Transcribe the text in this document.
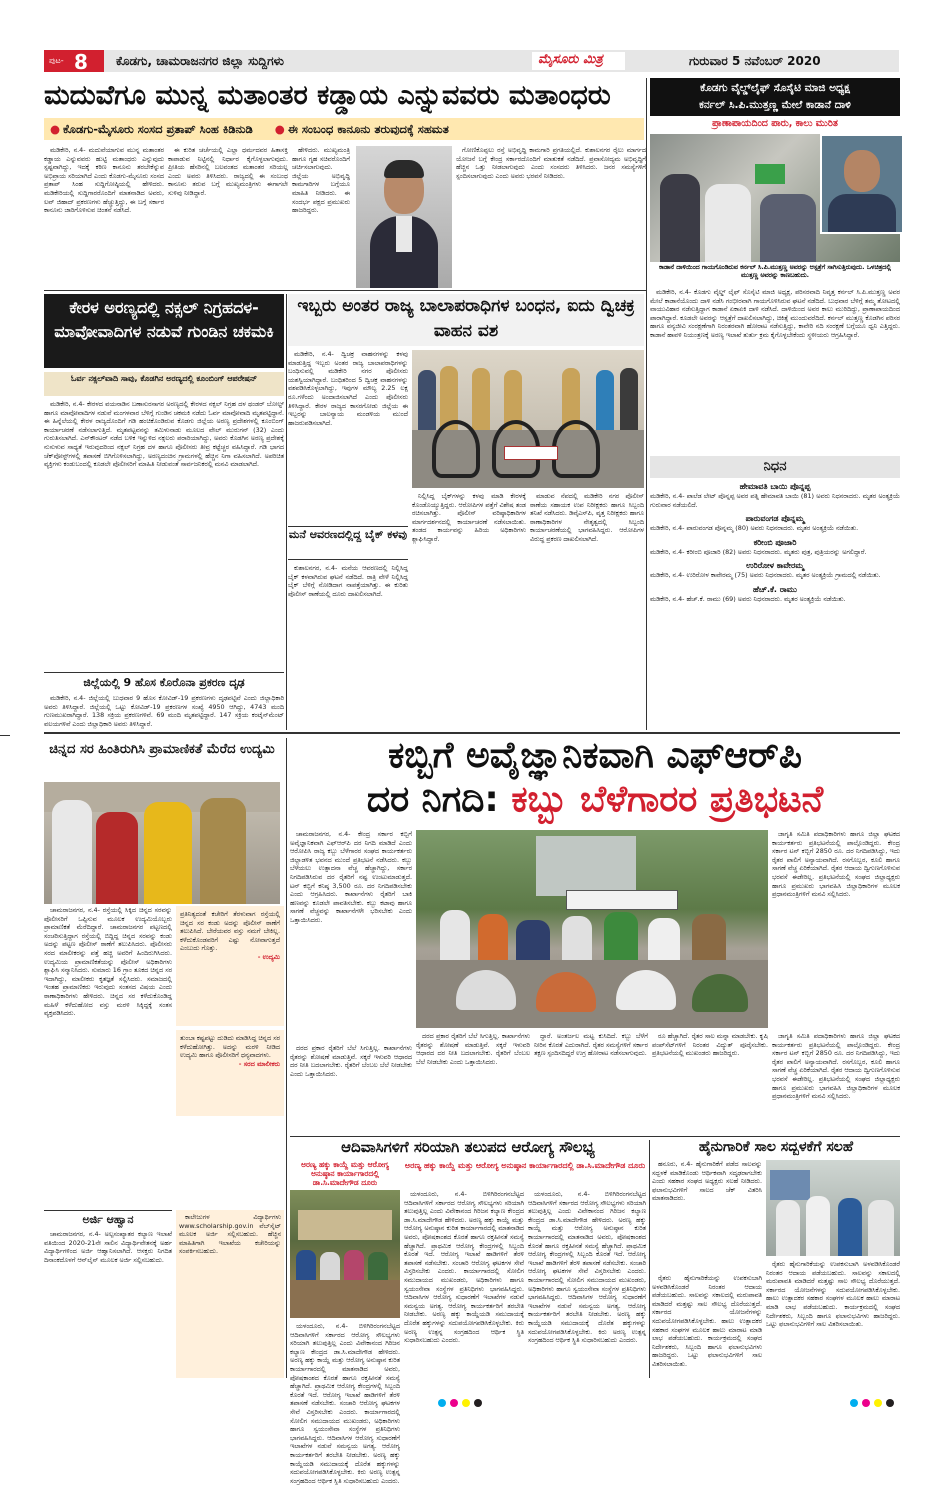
ಪುಟ- 8 ಕೊಡಗು, ಚಾಮರಾಜನಗರ ಜಿಲ್ಲಾ ಸುದ್ದಿಗಳು	ಮೈಸೂರು ಮಿತ್ರ	ಗುರುವಾರ 5 ನವೆಂಬರ್ 2020
ಮದುವೆಗೂ ಮುನ್ನ ಮತಾಂತರ ಕಡ್ಡಾಯ ಎನ್ನುವವರು ಮತಾಂಧರು
● ಕೊಡಗು-ಮೈಸೂರು ಸಂಸದ ಪ್ರತಾಪ್ ಸಿಂಹ ಕಿಡಿನುಡಿ  ●	ಈ ಸಂಬಂಧ ಕಾನೂನು ತರುವುದಕ್ಕೆ ಸಹಮತ

ಮಡಿಕೇರಿ, ನ.4- ಮದುವೆಯಾಗುವ ಮುನ್ನ ಮತಾಂತರ ಕಡ್ಡಾಯ ಎನ್ನುವವರು ಹುಟ್ಟಿ ಮತಾಂಧರು ಎನ್ನುವುದು ಸ್ಪಷ್ಟವಾಗಿದ್ದು, ಇದಕ್ಕೆ ಕಠಿಣ ಕಾನೂನು ತರಬೇಕೆನ್ನುವ ಅಭಿಪ್ರಾಯ ಸರಿಯಾಗಿದೆ ಎಂದು ಕೊಡಗು-ಮೈಸೂರು ಸಂಸದ ಪ್ರತಾಪ್ ಸಿಂಹ ಸುದ್ದಿಗೋಷ್ಠಿಯಲ್ಲಿ ಹೇಳಿದರು. ಮಡಿಕೇರಿಯಲ್ಲಿ ಸುದ್ದಿಗಾರರೊಂದಿಗೆ ಮಾತನಾಡಿದ ಅವರು, ಲವ್ ಜಿಹಾದ್ ಪ್ರಕರಣಗಳು ಹೆಚ್ಚುತ್ತಿದ್ದು, ಈ ಬಗ್ಗೆ ಸರ್ಕಾರ ಕಾನೂನು ಜಾರಿಗೊಳಿಸುವ ಚಿಂತನೆ ನಡೆಸಿದೆ.

ಈ ಕುರಿತ ಚರ್ಚೆಯಲ್ಲಿ ಎಲ್ಲಾ ಧರ್ಮದವರ ಹಿತಾಸಕ್ತಿ ಕಾಪಾಡುವ ನಿಟ್ಟಿನಲ್ಲಿ ನಿರ್ಧಾರ ಕೈಗೊಳ್ಳಲಾಗುವುದು. ಪ್ರೀತಿಯ ಹೆಸರಿನಲ್ಲಿ ಬಲವಂತದ ಮತಾಂತರ ಸರಿಯಲ್ಲ ಎಂದು ಅವರು ತಿಳಿಸಿದರು. ರಾಜ್ಯದಲ್ಲಿ ಈ ಸಂಬಂಧ ಕಾನೂನು ತರುವ ಬಗ್ಗೆ ಮುಖ್ಯಮಂತ್ರಿಗಳು ಈಗಾಗಲೇ ಸುಳಿವು ನೀಡಿದ್ದಾರೆ.

ಹೇಳಿದರು. ಮುಖ್ಯಮಂತ್ರಿ ಹಾಗೂ ಗೃಹ ಸಚಿವರೊಂದಿಗೆ ಚರ್ಚಿಸಲಾಗುವುದು. ಜಿಲ್ಲೆಯ ಅಭಿವೃದ್ಧಿ ಕಾಮಗಾರಿಗಳ ಬಗ್ಗೆಯೂ ಮಾಹಿತಿ ನೀಡಿದರು. ಈ ಸಂದರ್ಭ ಪಕ್ಷದ ಪ್ರಮುಖರು ಹಾಜರಿದ್ದರು.

ಗೋಣಿಕೊಪ್ಪಲು ರಸ್ತೆ ಅಭಿವೃದ್ಧಿ ಕಾಮಗಾರಿ ಪ್ರಗತಿಯಲ್ಲಿದೆ. ಕುಶಾಲನಗರ ರೈಲು ಮಾರ್ಗದ ಯೋಜನೆ ಬಗ್ಗೆ ಕೇಂದ್ರ ಸರ್ಕಾರದೊಂದಿಗೆ ಮಾತುಕತೆ ನಡೆದಿದೆ. ಪ್ರವಾಸೋದ್ಯಮ ಅಭಿವೃದ್ಧಿಗೆ ಹೆಚ್ಚಿನ ಒತ್ತು ನೀಡಲಾಗುವುದು ಎಂದು ಸಂಸದರು ತಿಳಿಸಿದರು. ಜನರ ಸಮಸ್ಯೆಗಳಿಗೆ ಸ್ಪಂದಿಸಲಾಗುವುದು ಎಂದು ಅವರು ಭರವಸೆ ನೀಡಿದರು.

ಕೊಡಗು ವೈಲ್ಡ್‌ಲೈಫ್ ಸೊಸೈಟಿ ಮಾಜಿ ಅಧ್ಯಕ್ಷ
ಕರ್ನಲ್ ಸಿ.ಪಿ.ಮುತ್ತಣ್ಣ ಮೇಲೆ ಕಾಡಾನೆ ದಾಳಿ
ಪ್ರಾಣಾಪಾಯದಿಂದ ಪಾರು, ಕಾಲು ಮುರಿತ
ಕಾಡಾನೆ ದಾಳಿಯಿಂದ ಗಾಯಗೊಂಡಿರುವ ಕರ್ನಲ್ ಸಿ.ಪಿ.ಮುತ್ತಣ್ಣ ಅವರನ್ನು ಆಸ್ಪತ್ರೆಗೆ ಸಾಗಿಸುತ್ತಿರುವುದು. ಒಳಚಿತ್ರದಲ್ಲಿ ಮುತ್ತಣ್ಣ ಅವರನ್ನು ಕಾಣಬಹುದು.

ಮಡಿಕೇರಿ, ನ.4- ಕೊಡಗು ವೈಲ್ಡ್ ಲೈಫ್ ಸೊಸೈಟಿ ಮಾಜಿ ಅಧ್ಯಕ್ಷ, ಪರಿಸರವಾದಿ ನಿವೃತ್ತ ಕರ್ನಲ್ ಸಿ.ಪಿ.ಮುತ್ತಣ್ಣ ಅವರ ಮೇಲೆ ಕಾಡಾನೆಯೊಂದು ದಾಳಿ ನಡೆಸಿ ಗಂಭೀರವಾಗಿ ಗಾಯಗೊಳಿಸಿರುವ ಘಟನೆ ನಡೆದಿದೆ. ಬುಧವಾರ ಬೆಳಿಗ್ಗೆ ತಮ್ಮ ತೋಟದಲ್ಲಿ ವಾಯುವಿಹಾರ ನಡೆಸುತ್ತಿದ್ದಾಗ ಕಾಡಾನೆ ಏಕಾಏಕಿ ದಾಳಿ ನಡೆಸಿದೆ. ದಾಳಿಯಿಂದ ಅವರ ಕಾಲು ಮುರಿದಿದ್ದು, ಪ್ರಾಣಾಪಾಯದಿಂದ ಪಾರಾಗಿದ್ದಾರೆ. ಕೂಡಲೇ ಅವರನ್ನು ಆಸ್ಪತ್ರೆಗೆ ದಾಖಲಿಸಲಾಗಿದ್ದು, ಚಿಕಿತ್ಸೆ ಮುಂದುವರೆದಿದೆ. ಕರ್ನಲ್ ಮುತ್ತಣ್ಣ ಕೊಡಗಿನ ಪರಿಸರ ಹಾಗೂ ವನ್ಯಜೀವಿ ಸಂರಕ್ಷಣೆಗಾಗಿ ನಿರಂತರವಾಗಿ ಹೋರಾಟ ನಡೆಸುತ್ತಿದ್ದು, ಕಾವೇರಿ ನದಿ ಸಂರಕ್ಷಣೆ ಬಗ್ಗೆಯೂ ಧ್ವನಿ ಎತ್ತಿದ್ದರು. ಕಾಡಾನೆ ಹಾವಳಿ ನಿಯಂತ್ರಣಕ್ಕೆ ಅರಣ್ಯ ಇಲಾಖೆ ತುರ್ತು ಕ್ರಮ ಕೈಗೊಳ್ಳಬೇಕೆಂದು ಸ್ಥಳೀಯರು ಆಗ್ರಹಿಸಿದ್ದಾರೆ.

ಕೇರಳ ಅರಣ್ಯದಲ್ಲಿ ನಕ್ಸಲ್ ನಿಗ್ರಹದಳ-ಮಾವೋವಾದಿಗಳ ನಡುವೆ ಗುಂಡಿನ ಚಕಮಕಿ
ಓರ್ವ ನಕ್ಸಲ್‌ವಾದಿ ಸಾವು, ಕೊಡಗಿನ ಅರಣ್ಯದಲ್ಲಿ ಕೂಂಬಿಂಗ್ ಆಪರೇಷನ್

ಮಡಿಕೇರಿ, ನ.4- ಕೇರಳದ ವಯನಾಡಿನ ಬಣಾಸುರಸಾಗರ ಅರಣ್ಯದಲ್ಲಿ ಕೇರಳದ ನಕ್ಸಲ್ ನಿಗ್ರಹ ದಳ ಥಂಡರ್ ಬೋಲ್ಟ್ ಹಾಗೂ ಮಾವೋವಾದಿಗಳ ನಡುವೆ ಮಂಗಳವಾರ ಬೆಳಿಗ್ಗೆ ಗುಂಡಿನ ಚಕಮಕಿ ನಡೆದು ಓರ್ವ ಮಾವೋವಾದಿ ಮೃತಪಟ್ಟಿದ್ದಾನೆ. ಈ ಹಿನ್ನೆಲೆಯಲ್ಲಿ ಕೇರಳ ರಾಜ್ಯದೊಂದಿಗೆ ಗಡಿ ಹಂಚಿಕೊಂಡಿರುವ ಕೊಡಗು ಜಿಲ್ಲೆಯ ಅರಣ್ಯ ಪ್ರದೇಶಗಳಲ್ಲಿ ಕೂಂಬಿಂಗ್ ಕಾರ್ಯಾಚರಣೆ ನಡೆಸಲಾಗುತ್ತಿದೆ. ಮೃತಪಟ್ಟವನನ್ನು ತಮಿಳುನಾಡು ಮೂಲದ ವೇಲ್ ಮುರುಗನ್ (32) ಎಂದು ಗುರುತಿಸಲಾಗಿದೆ. ಎನ್‌ಕೌಂಟರ್ ನಡೆದ ಬಳಿಕ ಇನ್ನುಳಿದ ನಕ್ಸಲರು ಪರಾರಿಯಾಗಿದ್ದು, ಅವರು ಕೊಡಗಿನ ಅರಣ್ಯ ಪ್ರದೇಶಕ್ಕೆ ನುಸುಳುವ ಸಾಧ್ಯತೆ ಇರುವುದರಿಂದ ನಕ್ಸಲ್ ನಿಗ್ರಹ ದಳ ಹಾಗೂ ಪೊಲೀಸರು ತೀವ್ರ ಕಟ್ಟೆಚ್ಚರ ವಹಿಸಿದ್ದಾರೆ. ಗಡಿ ಭಾಗದ ಚೆಕ್‌ಪೋಸ್ಟ್‌ಗಳಲ್ಲಿ ತಪಾಸಣೆ ಬಿಗಿಗೊಳಿಸಲಾಗಿದ್ದು, ಅರಣ್ಯದಂಚಿನ ಗ್ರಾಮಗಳಲ್ಲಿ ಹೆಚ್ಚಿನ ನಿಗಾ ವಹಿಸಲಾಗಿದೆ. ಅಪರಿಚಿತ ವ್ಯಕ್ತಿಗಳು ಕಂಡುಬಂದಲ್ಲಿ ಕೂಡಲೇ ಪೊಲೀಸರಿಗೆ ಮಾಹಿತಿ ನೀಡುವಂತೆ ಸಾರ್ವಜನಿಕರಲ್ಲಿ ಮನವಿ ಮಾಡಲಾಗಿದೆ.

ಇಬ್ಬರು ಅಂತರ ರಾಜ್ಯ ಬಾಲಾಪರಾಧಿಗಳ ಬಂಧನ, ಐದು ದ್ವಿಚಕ್ರ ವಾಹನ ವಶ

ಮಡಿಕೇರಿ, ನ.4- ದ್ವಿಚಕ್ರ ವಾಹನಗಳನ್ನು ಕಳವು ಮಾಡುತ್ತಿದ್ದ ಇಬ್ಬರು ಅಂತರ ರಾಜ್ಯ ಬಾಲಾಪರಾಧಿಗಳನ್ನು ಬಂಧಿಸುವಲ್ಲಿ ಮಡಿಕೇರಿ ನಗರ ಪೊಲೀಸರು ಯಶಸ್ವಿಯಾಗಿದ್ದಾರೆ. ಬಂಧಿತರಿಂದ 5 ದ್ವಿಚಕ್ರ ವಾಹನಗಳನ್ನು ವಶಪಡಿಸಿಕೊಳ್ಳಲಾಗಿದ್ದು, ಇವುಗಳ ಮೌಲ್ಯ 2.25 ಲಕ್ಷ ರೂ.ಗಳೆಂದು ಅಂದಾಜಿಸಲಾಗಿದೆ ಎಂದು ಪೊಲೀಸರು ತಿಳಿಸಿದ್ದಾರೆ. ಕೇರಳ ರಾಜ್ಯದ ಕಾಸರಗೋಡು ಜಿಲ್ಲೆಯ ಈ ಇಬ್ಬರನ್ನು ಬಾಲನ್ಯಾಯ ಮಂಡಳಿಯ ಮುಂದೆ ಹಾಜರುಪಡಿಸಲಾಗಿದೆ.

ನಿಲ್ಲಿಸಿದ್ದ ಬೈಕ್‌ಗಳನ್ನು ಕಳವು ಮಾಡಿ ಕೇರಳಕ್ಕೆ ಕೊಂಡೊಯ್ಯುತ್ತಿದ್ದರು. ಆರೋಪಿಗಳ ಪತ್ತೆಗೆ ವಿಶೇಷ ತಂಡ ರಚಿಸಲಾಗಿತ್ತು. ಪೊಲೀಸ್ ವರಿಷ್ಠಾಧಿಕಾರಿಗಳ ಮಾರ್ಗದರ್ಶನದಲ್ಲಿ ಕಾರ್ಯಾಚರಣೆ ನಡೆಸಲಾಯಿತು. ತಂಡದ ಕಾರ್ಯವನ್ನು ಹಿರಿಯ ಅಧಿಕಾರಿಗಳು ಶ್ಲಾಘಿಸಿದ್ದಾರೆ.

ಮಾಡುವ ನೆಪದಲ್ಲಿ ಮಡಿಕೇರಿ ನಗರ ಪೊಲೀಸ್ ಠಾಣೆಯ ಸಹಾಯಕ ಉಪ ನಿರೀಕ್ಷಕರು ಹಾಗೂ ಸಿಬ್ಬಂದಿ ತನಿಖೆ ನಡೆಸಿದರು. ಡಿವೈಎಸ್‌ಪಿ, ವೃತ್ತ ನಿರೀಕ್ಷಕರು ಹಾಗೂ ಠಾಣಾಧಿಕಾರಿಗಳ ನೇತೃತ್ವದಲ್ಲಿ ಸಿಬ್ಬಂದಿ ಕಾರ್ಯಾಚರಣೆಯಲ್ಲಿ ಭಾಗವಹಿಸಿದ್ದರು. ಆರೋಪಿಗಳ ವಿರುದ್ಧ ಪ್ರಕರಣ ದಾಖಲಿಸಲಾಗಿದೆ.

ಮನೆ ಆವರಣದಲ್ಲಿದ್ದ ಬೈಕ್ ಕಳವು

ಕುಶಾಲನಗರ, ನ.4- ಮನೆಯ ಆವರಣದಲ್ಲಿ ನಿಲ್ಲಿಸಿದ್ದ ಬೈಕ್ ಕಳವಾಗಿರುವ ಘಟನೆ ನಡೆದಿದೆ. ರಾತ್ರಿ ವೇಳೆ ನಿಲ್ಲಿಸಿದ್ದ ಬೈಕ್ ಬೆಳಿಗ್ಗೆ ನೋಡಿದಾಗ ನಾಪತ್ತೆಯಾಗಿತ್ತು. ಈ ಕುರಿತು ಪೊಲೀಸ್ ಠಾಣೆಯಲ್ಲಿ ದೂರು ದಾಖಲಿಸಲಾಗಿದೆ.

ನಿಧನ
ಹೇಮಾವತಿ ಬಾಯಿ ಪೊನ್ನಪ್ಪ
ಮಡಿಕೇರಿ, ನ.4- ಪಾಲೆಡ ಲೇಟ್ ಪೊನ್ನಪ್ಪ ಅವರ ಪತ್ನಿ ಹೇಮಾವತಿ ಬಾಯಿ (81) ಅವರು ನಿಧನರಾದರು. ಮೃತರ ಅಂತ್ಯಕ್ರಿಯೆ ಗುರುವಾರ ನಡೆಯಲಿದೆ.
ಪಾರುವಂಗಡ ಪೊನ್ನಮ್ಮ
ಮಡಿಕೇರಿ, ನ.4- ಪಾರುವಂಗಡ ಪೊನ್ನಮ್ಮ (80) ಅವರು ನಿಧನರಾದರು. ಮೃತರ ಅಂತ್ಯಕ್ರಿಯೆ ನಡೆಯಿತು.
ಕರೀಂಬಿ ಪೂಜಾರಿ
ಮಡಿಕೇರಿ, ನ.4- ಕರೀಂಬಿ ಪೂಜಾರಿ (82) ಅವರು ನಿಧನರಾದರು. ಮೃತರು ಪುತ್ರ, ಪುತ್ರಿಯರನ್ನು ಅಗಲಿದ್ದಾರೆ.
ಉರಿರೋಳ ಕಾವೇರಮ್ಮ
ಮಡಿಕೇರಿ, ನ.4- ಉರಿರೋಳ ಕಾವೇರಮ್ಮ (75) ಅವರು ನಿಧನರಾದರು. ಮೃತರ ಅಂತ್ಯಕ್ರಿಯೆ ಗ್ರಾಮದಲ್ಲಿ ನಡೆಯಿತು.
ಹೆಚ್.ಕೆ. ರಾಮು
ಮಡಿಕೇರಿ, ನ.4- ಹೆಚ್.ಕೆ. ರಾಮು (69) ಅವರು ನಿಧನರಾದರು. ಮೃತರ ಅಂತ್ಯಕ್ರಿಯೆ ನಡೆಯಿತು.
ಜಿಲ್ಲೆಯಲ್ಲಿ 9 ಹೊಸ ಕೊರೊನಾ ಪ್ರಕರಣ ದೃಢ

ಮಡಿಕೇರಿ, ನ.4- ಜಿಲ್ಲೆಯಲ್ಲಿ ಬುಧವಾರ 9 ಹೊಸ ಕೋವಿಡ್-19 ಪ್ರಕರಣಗಳು ದೃಢಪಟ್ಟಿವೆ ಎಂದು ಜಿಲ್ಲಾಧಿಕಾರಿ ಅವರು ತಿಳಿಸಿದ್ದಾರೆ. ಜಿಲ್ಲೆಯಲ್ಲಿ ಒಟ್ಟು ಕೋವಿಡ್-19 ಪ್ರಕರಣಗಳ ಸಂಖ್ಯೆ 4950 ಆಗಿದ್ದು, 4743 ಮಂದಿ ಗುಣಮುಖರಾಗಿದ್ದಾರೆ. 138 ಸಕ್ರಿಯ ಪ್ರಕರಣಗಳಿವೆ. 69 ಮಂದಿ ಮೃತಪಟ್ಟಿದ್ದಾರೆ. 147 ಸಕ್ರಿಯ ಕಂಟೈನ್‌ಮೆಂಟ್ ವಲಯಗಳಿವೆ ಎಂದು ಜಿಲ್ಲಾಧಿಕಾರಿ ಅವರು ತಿಳಿಸಿದ್ದಾರೆ.

ಚಿನ್ನದ ಸರ ಹಿಂತಿರುಗಿಸಿ ಪ್ರಾಮಾಣಿಕತೆ ಮೆರೆದ ಉದ್ಯಮಿ

ಚಾಮರಾಜನಗರ, ನ.4- ರಸ್ತೆಯಲ್ಲಿ ಸಿಕ್ಕಿದ ಚಿನ್ನದ ಸರವನ್ನು ಪೊಲೀಸರಿಗೆ ಒಪ್ಪಿಸುವ ಮೂಲಕ ಉದ್ಯಮಿಯೊಬ್ಬರು ಪ್ರಾಮಾಣಿಕತೆ ಮೆರೆದಿದ್ದಾರೆ. ಚಾಮರಾಜನಗರ ಪಟ್ಟಣದಲ್ಲಿ ಸಂಚರಿಸುತ್ತಿದ್ದಾಗ ರಸ್ತೆಯಲ್ಲಿ ಬಿದ್ದಿದ್ದ ಚಿನ್ನದ ಸರವನ್ನು ಕಂಡು ಅದನ್ನು ಪಟ್ಟಣ ಪೊಲೀಸ್ ಠಾಣೆಗೆ ತಲುಪಿಸಿದರು. ಪೊಲೀಸರು ಸರದ ಮಾಲೀಕರನ್ನು ಪತ್ತೆ ಹಚ್ಚಿ ಅವರಿಗೆ ಹಿಂದಿರುಗಿಸಿದರು. ಉದ್ಯಮಿಯ ಪ್ರಾಮಾಣಿಕತೆಯನ್ನು ಪೊಲೀಸ್ ಅಧಿಕಾರಿಗಳು ಶ್ಲಾಘಿಸಿ ಸನ್ಮಾನಿಸಿದರು. ಸುಮಾರು 16 ಗ್ರಾಂ ತೂಕದ ಚಿನ್ನದ ಸರ ಇದಾಗಿದ್ದು, ಮಾಲೀಕರು ಕೃತಜ್ಞತೆ ಸಲ್ಲಿಸಿದರು. ಸಮಾಜದಲ್ಲಿ ಇಂತಹ ಪ್ರಾಮಾಣಿಕರು ಇರುವುದು ಸಂತಸದ ವಿಷಯ ಎಂದು ಠಾಣಾಧಿಕಾರಿಗಳು ಹೇಳಿದರು. ಚಿನ್ನದ ಸರ ಕಳೆದುಕೊಂಡಿದ್ದ ಮಹಿಳೆ ಕಳೆದುಹೋದ ವಸ್ತು ಮರಳಿ ಸಿಕ್ಕಿದ್ದಕ್ಕೆ ಸಂತಸ ವ್ಯಕ್ತಪಡಿಸಿದರು.

ಪ್ರತಿನಿತ್ಯದಂತೆ ಕಚೇರಿಗೆ ತೆರಳುವಾಗ ರಸ್ತೆಯಲ್ಲಿ ಚಿನ್ನದ ಸರ ಕಂಡು ಅದನ್ನು ಪೊಲೀಸ್ ಠಾಣೆಗೆ ತಲುಪಿಸಿದೆ. ಬೇರೆಯವರ ವಸ್ತು ನಮಗೆ ಬೇಕಿಲ್ಲ. ಕಳೆದುಕೊಂಡವರಿಗೆ ಎಷ್ಟು ನೋವಾಗುತ್ತದೆ ಎಂಬುದು ಗೊತ್ತು.
- ಉದ್ಯಮಿ
ತುಂಬಾ ಕಷ್ಟಪಟ್ಟು ದುಡಿದು ಮಾಡಿಸಿದ್ದ ಚಿನ್ನದ ಸರ ಕಳೆದುಹೋಗಿತ್ತು. ಅದನ್ನು ಮರಳಿ ನೀಡಿದ ಉದ್ಯಮಿ ಹಾಗೂ ಪೊಲೀಸರಿಗೆ ಧನ್ಯವಾದಗಳು.
- ಸರದ ಮಾಲೀಕರು
ಅರ್ಜಿ ಆಹ್ವಾನ

ಚಾಮರಾಜನಗರ, ನ.4- ಅಲ್ಪಸಂಖ್ಯಾತರ ಕಲ್ಯಾಣ ಇಲಾಖೆ ವತಿಯಿಂದ 2020-21ನೇ ಸಾಲಿನ ವಿದ್ಯಾರ್ಥಿವೇತನಕ್ಕೆ ಅರ್ಹ ವಿದ್ಯಾರ್ಥಿಗಳಿಂದ ಅರ್ಜಿ ಆಹ್ವಾನಿಸಲಾಗಿದೆ. ಆಸಕ್ತರು ನಿಗದಿತ ದಿನಾಂಕದೊಳಗೆ ಆನ್‌ಲೈನ್ ಮೂಲಕ ಅರ್ಜಿ ಸಲ್ಲಿಸಬಹುದು.

ಕಾಲೇಜುಗಳ ವಿದ್ಯಾರ್ಥಿಗಳು www.scholarship.gov.in ವೆಬ್‌ಸೈಟ್ ಮೂಲಕ ಅರ್ಜಿ ಸಲ್ಲಿಸಬಹುದು. ಹೆಚ್ಚಿನ ಮಾಹಿತಿಗಾಗಿ ಇಲಾಖೆಯ ಕಚೇರಿಯನ್ನು ಸಂಪರ್ಕಿಸಬಹುದು.

ಕಬ್ಬಿಗೆ ಅವೈಜ್ಞಾನಿಕವಾಗಿ ಎಫ್‌ಆರ್‌ಪಿ
ದರ ನಿಗದಿ: ಕಬ್ಬು ಬೆಳೆಗಾರರ ಪ್ರತಿಭಟನೆ

ಚಾಮರಾಜನಗರ, ನ.4- ಕೇಂದ್ರ ಸರ್ಕಾರ ಕಬ್ಬಿಗೆ ಅವೈಜ್ಞಾನಿಕವಾಗಿ ಎಫ್‌ಆರ್‌ಪಿ ದರ ನಿಗದಿ ಮಾಡಿದೆ ಎಂದು ಆರೋಪಿಸಿ ರಾಜ್ಯ ಕಬ್ಬು ಬೆಳೆಗಾರರ ಸಂಘದ ಕಾರ್ಯಕರ್ತರು ಜಿಲ್ಲಾಡಳಿತ ಭವನದ ಮುಂದೆ ಪ್ರತಿಭಟನೆ ನಡೆಸಿದರು. ಕಬ್ಬು ಬೆಳೆಯಲು ಉತ್ಪಾದನಾ ವೆಚ್ಚ ಹೆಚ್ಚಾಗಿದ್ದು, ಸರ್ಕಾರ ನಿಗದಿಪಡಿಸಿರುವ ದರ ರೈತರಿಗೆ ನಷ್ಟ ಉಂಟುಮಾಡುತ್ತದೆ. ಟನ್ ಕಬ್ಬಿಗೆ ಕನಿಷ್ಠ 3,500 ರೂ. ದರ ನಿಗದಿಪಡಿಸಬೇಕು ಎಂದು ಆಗ್ರಹಿಸಿದರು. ಕಾರ್ಖಾನೆಗಳು ರೈತರಿಗೆ ಬಾಕಿ ಹಣವನ್ನು ಕೂಡಲೇ ಪಾವತಿಸಬೇಕು. ಕಬ್ಬು ಕಟಾವು ಹಾಗೂ ಸಾಗಣೆ ವೆಚ್ಚವನ್ನು ಕಾರ್ಖಾನೆಗಳೇ ಭರಿಸಬೇಕು ಎಂದು ಒತ್ತಾಯಿಸಿದರು.

ಜಾಗೃತಿ ಸಮಿತಿ ಪದಾಧಿಕಾರಿಗಳು ಹಾಗೂ ಜಿಲ್ಲಾ ಘಟಕದ ಕಾರ್ಯಕರ್ತರು ಪ್ರತಿಭಟನೆಯಲ್ಲಿ ಪಾಲ್ಗೊಂಡಿದ್ದರು. ಕೇಂದ್ರ ಸರ್ಕಾರ ಟನ್ ಕಬ್ಬಿಗೆ 2850 ರೂ. ದರ ನಿಗದಿಪಡಿಸಿದ್ದು, ಇದು ರೈತರ ಪಾಲಿಗೆ ಅನ್ಯಾಯವಾಗಿದೆ. ರಸಗೊಬ್ಬರ, ಕೂಲಿ ಹಾಗೂ ಸಾಗಣೆ ವೆಚ್ಚ ಏರಿಕೆಯಾಗಿದೆ. ರೈತರ ಆದಾಯ ದ್ವಿಗುಣಗೊಳಿಸುವ ಭರವಸೆ ಈಡೇರಿಲ್ಲ. ಪ್ರತಿಭಟನೆಯಲ್ಲಿ ಸಂಘದ ಜಿಲ್ಲಾಧ್ಯಕ್ಷರು ಹಾಗೂ ಪ್ರಮುಖರು ಭಾಗವಹಿಸಿ ಜಿಲ್ಲಾಧಿಕಾರಿಗಳ ಮೂಲಕ ಪ್ರಧಾನಮಂತ್ರಿಗಳಿಗೆ ಮನವಿ ಸಲ್ಲಿಸಿದರು.

ದರದ ಪ್ರಕಾರ ರೈತರಿಗೆ ಬೆಲೆ ಸಿಗುತ್ತಿಲ್ಲ. ಕಾರ್ಖಾನೆಗಳು ರೈತರನ್ನು ಶೋಷಣೆ ಮಾಡುತ್ತಿವೆ. ಸಕ್ಕರೆ ಇಳುವರಿ ಆಧಾರದ ದರ ನೀತಿ ಬದಲಾಗಬೇಕು. ರೈತರಿಗೆ ಬೆಂಬಲ ಬೆಲೆ ನೀಡಬೇಕು ಎಂದು ಒತ್ತಾಯಿಸಿದರು.

ದ್ಧಾರೆ. ಅಂತರ್ಜಲ ಮಟ್ಟ ಕುಸಿದಿದೆ. ಕಬ್ಬು ಬೆಳೆಗೆ ನೀರಿನ ಕೊರತೆ ಎದುರಾಗಿದೆ. ರೈತರ ಸಮಸ್ಯೆಗಳಿಗೆ ಸರ್ಕಾರ ತಕ್ಷಣ ಸ್ಪಂದಿಸದಿದ್ದರೆ ಉಗ್ರ ಹೋರಾಟ ನಡೆಸಲಾಗುವುದು.

ರೂ ಹೆಚ್ಚಾಗಿದೆ. ರೈತರ ಸಾಲ ಮನ್ನಾ ಮಾಡಬೇಕು. ಕೃಷಿ ಪಂಪ್‌ಸೆಟ್‌ಗಳಿಗೆ ನಿರಂತರ ವಿದ್ಯುತ್ ಪೂರೈಸಬೇಕು. ಪ್ರತಿಭಟನೆಯಲ್ಲಿ ಮುಖಂಡರು ಹಾಜರಿದ್ದರು.

ಜಾಗೃತಿ ಸಮಿತಿ ಪದಾಧಿಕಾರಿಗಳು ಹಾಗೂ ಜಿಲ್ಲಾ ಘಟಕದ ಕಾರ್ಯಕರ್ತರು ಪ್ರತಿಭಟನೆಯಲ್ಲಿ ಪಾಲ್ಗೊಂಡಿದ್ದರು. ಕೇಂದ್ರ ಸರ್ಕಾರ ಟನ್ ಕಬ್ಬಿಗೆ 2850 ರೂ. ದರ ನಿಗದಿಪಡಿಸಿದ್ದು, ಇದು ರೈತರ ಪಾಲಿಗೆ ಅನ್ಯಾಯವಾಗಿದೆ. ರಸಗೊಬ್ಬರ, ಕೂಲಿ ಹಾಗೂ ಸಾಗಣೆ ವೆಚ್ಚ ಏರಿಕೆಯಾಗಿದೆ. ರೈತರ ಆದಾಯ ದ್ವಿಗುಣಗೊಳಿಸುವ ಭರವಸೆ ಈಡೇರಿಲ್ಲ. ಪ್ರತಿಭಟನೆಯಲ್ಲಿ ಸಂಘದ ಜಿಲ್ಲಾಧ್ಯಕ್ಷರು ಹಾಗೂ ಪ್ರಮುಖರು ಭಾಗವಹಿಸಿ ಜಿಲ್ಲಾಧಿಕಾರಿಗಳ ಮೂಲಕ ಪ್ರಧಾನಮಂತ್ರಿಗಳಿಗೆ ಮನವಿ ಸಲ್ಲಿಸಿದರು.

ದರದ ಪ್ರಕಾರ ರೈತರಿಗೆ ಬೆಲೆ ಸಿಗುತ್ತಿಲ್ಲ. ಕಾರ್ಖಾನೆಗಳು ರೈತರನ್ನು ಶೋಷಣೆ ಮಾಡುತ್ತಿವೆ. ಸಕ್ಕರೆ ಇಳುವರಿ ಆಧಾರದ ದರ ನೀತಿ ಬದಲಾಗಬೇಕು. ರೈತರಿಗೆ ಬೆಂಬಲ ಬೆಲೆ ನೀಡಬೇಕು ಎಂದು ಒತ್ತಾಯಿಸಿದರು.

ಆದಿವಾಸಿಗಳಿಗೆ ಸರಿಯಾಗಿ ತಲುಪದ ಆರೋಗ್ಯ ಸೌಲಭ್ಯ
ಅರಣ್ಯ ಹಕ್ಕು ಕಾಯ್ದೆ ಮತ್ತು ಆರೋಗ್ಯ ಅನುಷ್ಠಾನ ಕಾರ್ಯಾಗಾರದಲ್ಲಿ ಡಾ.ಸಿ.ಮಾದೇಗೌಡ ದೂರು
ಅರಣ್ಯ ಹಕ್ಕು ಕಾಯ್ದೆ ಮತ್ತು ಆರೋಗ್ಯ ಅನುಷ್ಠಾನ ಕಾರ್ಯಾಗಾರದಲ್ಲಿ ಡಾ.ಸಿ.ಮಾದೇಗೌಡ ದೂರು

ಯಳಂದೂರು, ನ.4- ಬಿಳಿಗಿರಿರಂಗನಬೆಟ್ಟದ ಆದಿವಾಸಿಗಳಿಗೆ ಸರ್ಕಾರದ ಆರೋಗ್ಯ ಸೌಲಭ್ಯಗಳು ಸರಿಯಾಗಿ ತಲುಪುತ್ತಿಲ್ಲ ಎಂದು ವಿವೇಕಾನಂದ ಗಿರಿಜನ ಕಲ್ಯಾಣ ಕೇಂದ್ರದ ಡಾ.ಸಿ.ಮಾದೇಗೌಡ ಹೇಳಿದರು. ಅರಣ್ಯ ಹಕ್ಕು ಕಾಯ್ದೆ ಮತ್ತು ಆರೋಗ್ಯ ಅನುಷ್ಠಾನ ಕುರಿತ ಕಾರ್ಯಾಗಾರದಲ್ಲಿ ಮಾತನಾಡಿದ ಅವರು, ಪೋಷಕಾಂಶದ ಕೊರತೆ ಹಾಗೂ ರಕ್ತಹೀನತೆ ಸಮಸ್ಯೆ ಹೆಚ್ಚಾಗಿದೆ. ಪ್ರಾಥಮಿಕ ಆರೋಗ್ಯ ಕೇಂದ್ರಗಳಲ್ಲಿ ಸಿಬ್ಬಂದಿ ಕೊರತೆ ಇದೆ. ಆರೋಗ್ಯ ಇಲಾಖೆ ಹಾಡಿಗಳಿಗೆ ತೆರಳಿ ತಪಾಸಣೆ ನಡೆಸಬೇಕು. ಸಂಚಾರಿ ಆರೋಗ್ಯ ಘಟಕಗಳ ಸೇವೆ ವಿಸ್ತರಿಸಬೇಕು ಎಂದರು. ಕಾರ್ಯಾಗಾರದಲ್ಲಿ ಸೋಲಿಗ ಸಮುದಾಯದ ಮುಖಂಡರು, ಅಧಿಕಾರಿಗಳು ಹಾಗೂ ಸ್ವಯಂಸೇವಾ ಸಂಸ್ಥೆಗಳ ಪ್ರತಿನಿಧಿಗಳು ಭಾಗವಹಿಸಿದ್ದರು. ಆದಿವಾಸಿಗಳ ಆರೋಗ್ಯ ಸುಧಾರಣೆಗೆ ಇಲಾಖೆಗಳ ನಡುವೆ ಸಮನ್ವಯ ಅಗತ್ಯ. ಆರೋಗ್ಯ ಕಾರ್ಯಕರ್ತರಿಗೆ ತರಬೇತಿ ನೀಡಬೇಕು. ಅರಣ್ಯ ಹಕ್ಕು ಕಾಯ್ದೆಯಡಿ ಸಮುದಾಯಕ್ಕೆ ದೊರೆತ ಹಕ್ಕುಗಳನ್ನು ಸದುಪಯೋಗಪಡಿಸಿಕೊಳ್ಳಬೇಕು. ಕಿರು ಅರಣ್ಯ ಉತ್ಪನ್ನ ಸಂಗ್ರಹದಿಂದ ಆರ್ಥಿಕ ಸ್ಥಿತಿ ಸುಧಾರಿಸಬಹುದು ಎಂದರು.

ಯಳಂದೂರು, ನ.4- ಬಿಳಿಗಿರಿರಂಗನಬೆಟ್ಟದ ಆದಿವಾಸಿಗಳಿಗೆ ಸರ್ಕಾರದ ಆರೋಗ್ಯ ಸೌಲಭ್ಯಗಳು ಸರಿಯಾಗಿ ತಲುಪುತ್ತಿಲ್ಲ ಎಂದು ವಿವೇಕಾನಂದ ಗಿರಿಜನ ಕಲ್ಯಾಣ ಕೇಂದ್ರದ ಡಾ.ಸಿ.ಮಾದೇಗೌಡ ಹೇಳಿದರು. ಅರಣ್ಯ ಹಕ್ಕು ಕಾಯ್ದೆ ಮತ್ತು ಆರೋಗ್ಯ ಅನುಷ್ಠಾನ ಕುರಿತ ಕಾರ್ಯಾಗಾರದಲ್ಲಿ ಮಾತನಾಡಿದ ಅವರು, ಪೋಷಕಾಂಶದ ಕೊರತೆ ಹಾಗೂ ರಕ್ತಹೀನತೆ ಸಮಸ್ಯೆ ಹೆಚ್ಚಾಗಿದೆ. ಪ್ರಾಥಮಿಕ ಆರೋಗ್ಯ ಕೇಂದ್ರಗಳಲ್ಲಿ ಸಿಬ್ಬಂದಿ ಕೊರತೆ ಇದೆ. ಆರೋಗ್ಯ ಇಲಾಖೆ ಹಾಡಿಗಳಿಗೆ ತೆರಳಿ ತಪಾಸಣೆ ನಡೆಸಬೇಕು. ಸಂಚಾರಿ ಆರೋಗ್ಯ ಘಟಕಗಳ ಸೇವೆ ವಿಸ್ತರಿಸಬೇಕು ಎಂದರು. ಕಾರ್ಯಾಗಾರದಲ್ಲಿ ಸೋಲಿಗ ಸಮುದಾಯದ ಮುಖಂಡರು, ಅಧಿಕಾರಿಗಳು ಹಾಗೂ ಸ್ವಯಂಸೇವಾ ಸಂಸ್ಥೆಗಳ ಪ್ರತಿನಿಧಿಗಳು ಭಾಗವಹಿಸಿದ್ದರು. ಆದಿವಾಸಿಗಳ ಆರೋಗ್ಯ ಸುಧಾರಣೆಗೆ ಇಲಾಖೆಗಳ ನಡುವೆ ಸಮನ್ವಯ ಅಗತ್ಯ. ಆರೋಗ್ಯ ಕಾರ್ಯಕರ್ತರಿಗೆ ತರಬೇತಿ ನೀಡಬೇಕು. ಅರಣ್ಯ ಹಕ್ಕು ಕಾಯ್ದೆಯಡಿ ಸಮುದಾಯಕ್ಕೆ ದೊರೆತ ಹಕ್ಕುಗಳನ್ನು ಸದುಪಯೋಗಪಡಿಸಿಕೊಳ್ಳಬೇಕು. ಕಿರು ಅರಣ್ಯ ಉತ್ಪನ್ನ ಸಂಗ್ರಹದಿಂದ ಆರ್ಥಿಕ ಸ್ಥಿತಿ ಸುಧಾರಿಸಬಹುದು ಎಂದರು.

ಯಳಂದೂರು, ನ.4- ಬಿಳಿಗಿರಿರಂಗನಬೆಟ್ಟದ ಆದಿವಾಸಿಗಳಿಗೆ ಸರ್ಕಾರದ ಆರೋಗ್ಯ ಸೌಲಭ್ಯಗಳು ಸರಿಯಾಗಿ ತಲುಪುತ್ತಿಲ್ಲ ಎಂದು ವಿವೇಕಾನಂದ ಗಿರಿಜನ ಕಲ್ಯಾಣ ಕೇಂದ್ರದ ಡಾ.ಸಿ.ಮಾದೇಗೌಡ ಹೇಳಿದರು. ಅರಣ್ಯ ಹಕ್ಕು ಕಾಯ್ದೆ ಮತ್ತು ಆರೋಗ್ಯ ಅನುಷ್ಠಾನ ಕುರಿತ ಕಾರ್ಯಾಗಾರದಲ್ಲಿ ಮಾತನಾಡಿದ ಅವರು, ಪೋಷಕಾಂಶದ ಕೊರತೆ ಹಾಗೂ ರಕ್ತಹೀನತೆ ಸಮಸ್ಯೆ ಹೆಚ್ಚಾಗಿದೆ. ಪ್ರಾಥಮಿಕ ಆರೋಗ್ಯ ಕೇಂದ್ರಗಳಲ್ಲಿ ಸಿಬ್ಬಂದಿ ಕೊರತೆ ಇದೆ. ಆರೋಗ್ಯ ಇಲಾಖೆ ಹಾಡಿಗಳಿಗೆ ತೆರಳಿ ತಪಾಸಣೆ ನಡೆಸಬೇಕು. ಸಂಚಾರಿ ಆರೋಗ್ಯ ಘಟಕಗಳ ಸೇವೆ ವಿಸ್ತರಿಸಬೇಕು ಎಂದರು. ಕಾರ್ಯಾಗಾರದಲ್ಲಿ ಸೋಲಿಗ ಸಮುದಾಯದ ಮುಖಂಡರು, ಅಧಿಕಾರಿಗಳು ಹಾಗೂ ಸ್ವಯಂಸೇವಾ ಸಂಸ್ಥೆಗಳ ಪ್ರತಿನಿಧಿಗಳು ಭಾಗವಹಿಸಿದ್ದರು. ಆದಿವಾಸಿಗಳ ಆರೋಗ್ಯ ಸುಧಾರಣೆಗೆ ಇಲಾಖೆಗಳ ನಡುವೆ ಸಮನ್ವಯ ಅಗತ್ಯ. ಆರೋಗ್ಯ ಕಾರ್ಯಕರ್ತರಿಗೆ ತರಬೇತಿ ನೀಡಬೇಕು. ಅರಣ್ಯ ಹಕ್ಕು ಕಾಯ್ದೆಯಡಿ ಸಮುದಾಯಕ್ಕೆ ದೊರೆತ ಹಕ್ಕುಗಳನ್ನು ಸದುಪಯೋಗಪಡಿಸಿಕೊಳ್ಳಬೇಕು. ಕಿರು ಅರಣ್ಯ ಉತ್ಪನ್ನ ಸಂಗ್ರಹದಿಂದ ಆರ್ಥಿಕ ಸ್ಥಿತಿ ಸುಧಾರಿಸಬಹುದು ಎಂದರು.

ಹೈನುಗಾರಿಕೆ ಸಾಲ ಸದ್ಬಳಕೆಗೆ ಸಲಹೆ

ಹನೂರು, ನ.4- ಹೈನುಗಾರಿಕೆಗೆ ಪಡೆದ ಸಾಲವನ್ನು ಸದ್ಬಳಕೆ ಮಾಡಿಕೊಂಡು ಆರ್ಥಿಕವಾಗಿ ಸದೃಢರಾಗಬೇಕು ಎಂದು ಸಹಕಾರ ಸಂಘದ ಅಧ್ಯಕ್ಷರು ಸಲಹೆ ನೀಡಿದರು. ಫಲಾನುಭವಿಗಳಿಗೆ ಸಾಲದ ಚೆಕ್ ವಿತರಿಸಿ ಮಾತನಾಡಿದರು.

ರೈತರು ಹೈನುಗಾರಿಕೆಯನ್ನು ಉಪಕಸುಬಾಗಿ ಅಳವಡಿಸಿಕೊಂಡರೆ ನಿರಂತರ ಆದಾಯ ಪಡೆಯಬಹುದು. ಸಾಲವನ್ನು ಸಕಾಲದಲ್ಲಿ ಮರುಪಾವತಿ ಮಾಡಿದರೆ ಮತ್ತಷ್ಟು ಸಾಲ ಸೌಲಭ್ಯ ದೊರೆಯುತ್ತದೆ. ಸರ್ಕಾರದ ಯೋಜನೆಗಳನ್ನು ಸದುಪಯೋಗಪಡಿಸಿಕೊಳ್ಳಬೇಕು. ಹಾಲು ಉತ್ಪಾದಕರ ಸಹಕಾರ ಸಂಘಗಳ ಮೂಲಕ ಹಾಲು ಮಾರಾಟ ಮಾಡಿ ಲಾಭ ಪಡೆಯಬಹುದು. ಕಾರ್ಯಕ್ರಮದಲ್ಲಿ ಸಂಘದ ನಿರ್ದೇಶಕರು, ಸಿಬ್ಬಂದಿ ಹಾಗೂ ಫಲಾನುಭವಿಗಳು ಹಾಜರಿದ್ದರು. ಒಟ್ಟು ಫಲಾನುಭವಿಗಳಿಗೆ ಸಾಲ ವಿತರಿಸಲಾಯಿತು.

ರೈತರು ಹೈನುಗಾರಿಕೆಯನ್ನು ಉಪಕಸುಬಾಗಿ ಅಳವಡಿಸಿಕೊಂಡರೆ ನಿರಂತರ ಆದಾಯ ಪಡೆಯಬಹುದು. ಸಾಲವನ್ನು ಸಕಾಲದಲ್ಲಿ ಮರುಪಾವತಿ ಮಾಡಿದರೆ ಮತ್ತಷ್ಟು ಸಾಲ ಸೌಲಭ್ಯ ದೊರೆಯುತ್ತದೆ. ಸರ್ಕಾರದ ಯೋಜನೆಗಳನ್ನು ಸದುಪಯೋಗಪಡಿಸಿಕೊಳ್ಳಬೇಕು. ಹಾಲು ಉತ್ಪಾದಕರ ಸಹಕಾರ ಸಂಘಗಳ ಮೂಲಕ ಹಾಲು ಮಾರಾಟ ಮಾಡಿ ಲಾಭ ಪಡೆಯಬಹುದು. ಕಾರ್ಯಕ್ರಮದಲ್ಲಿ ಸಂಘದ ನಿರ್ದೇಶಕರು, ಸಿಬ್ಬಂದಿ ಹಾಗೂ ಫಲಾನುಭವಿಗಳು ಹಾಜರಿದ್ದರು. ಒಟ್ಟು ಫಲಾನುಭವಿಗಳಿಗೆ ಸಾಲ ವಿತರಿಸಲಾಯಿತು.
